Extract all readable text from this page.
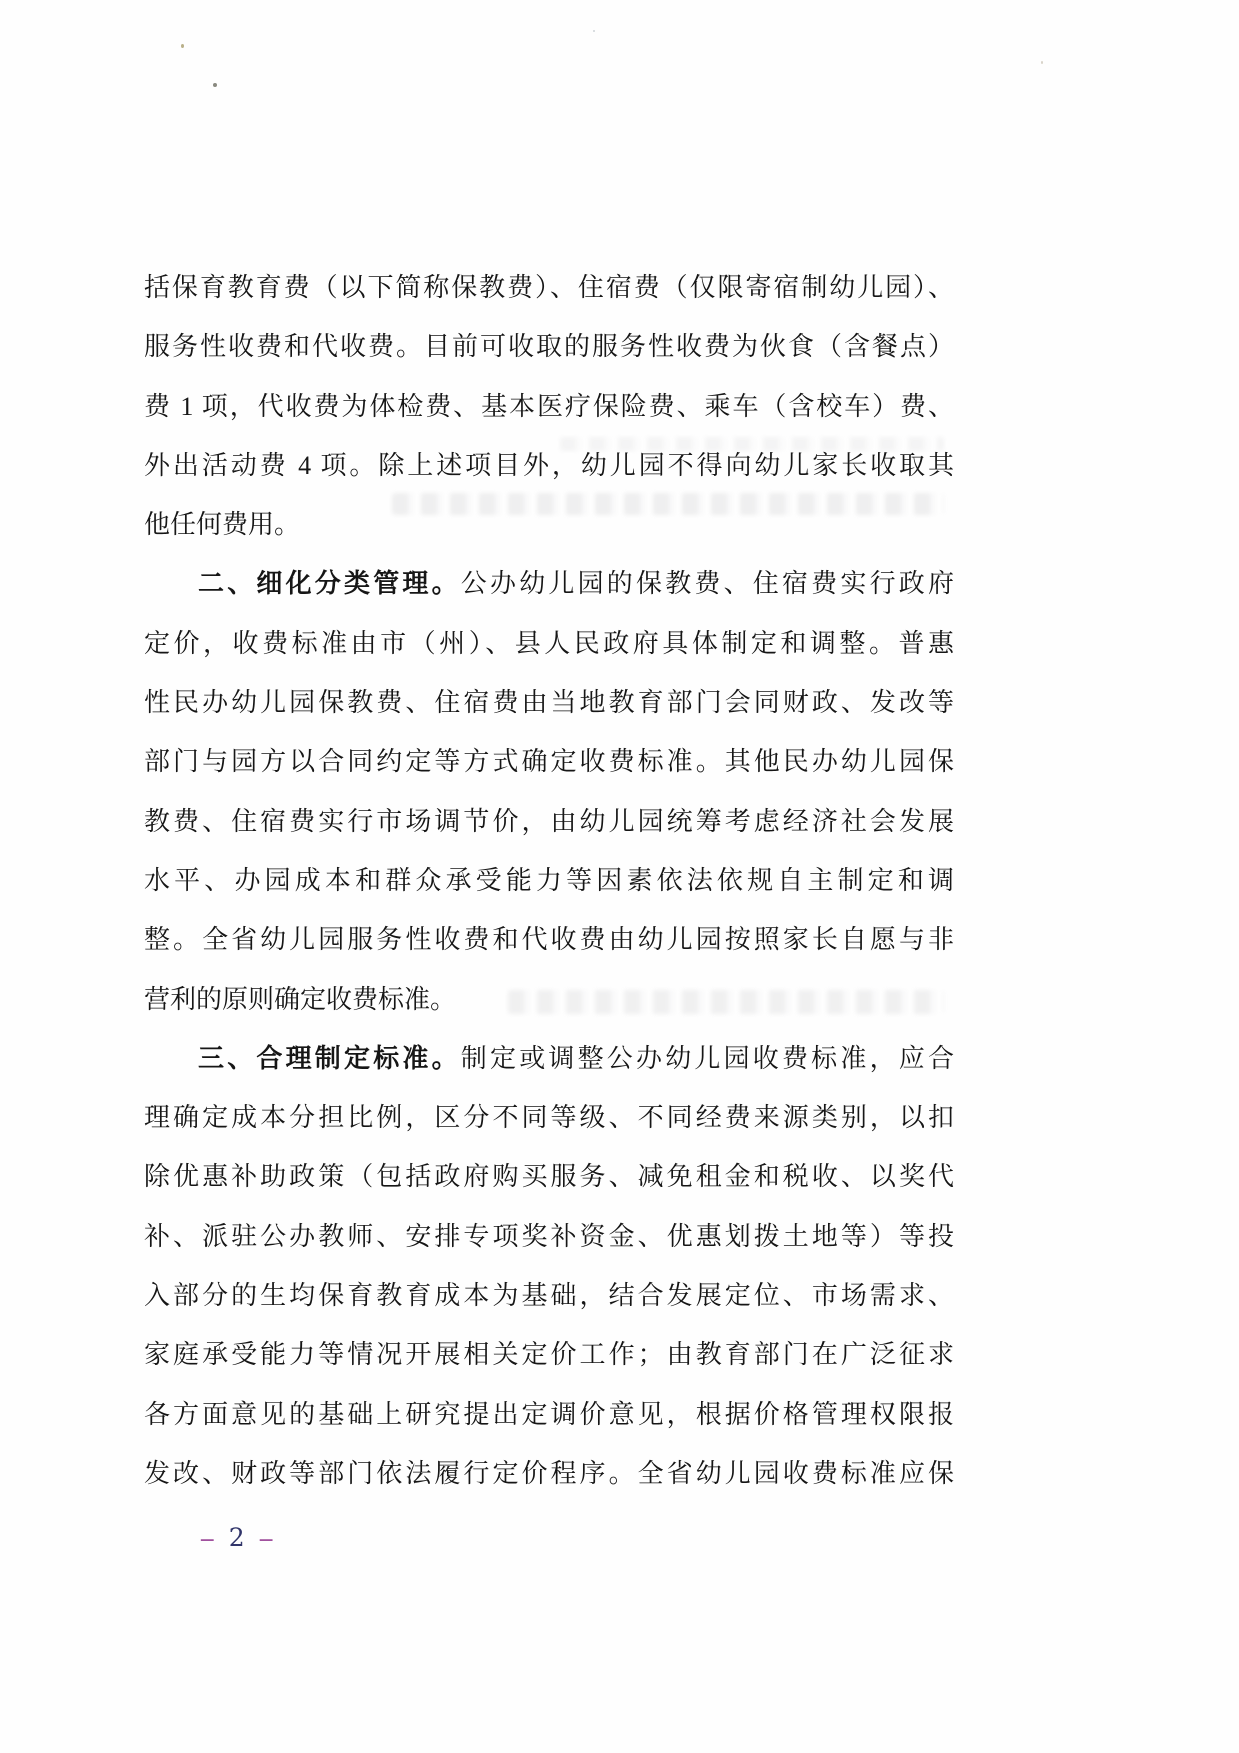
括保育教育费（以下简称保教费）、住宿费（仅限寄宿制幼儿园）、
服务性收费和代收费。目前可收取的服务性收费为伙食（含餐点）
费 1 项，代收费为体检费、基本医疗保险费、乘车（含校车）费、
外出活动费 4 项。除上述项目外，幼儿园不得向幼儿家长收取其
他任何费用。
二、细化分类管理。公办幼儿园的保教费、住宿费实行政府
定价，收费标准由市（州）、县人民政府具体制定和调整。普惠
性民办幼儿园保教费、住宿费由当地教育部门会同财政、发改等
部门与园方以合同约定等方式确定收费标准。其他民办幼儿园保
教费、住宿费实行市场调节价，由幼儿园统筹考虑经济社会发展
水平、办园成本和群众承受能力等因素依法依规自主制定和调
整。全省幼儿园服务性收费和代收费由幼儿园按照家长自愿与非
营利的原则确定收费标准。
三、合理制定标准。制定或调整公办幼儿园收费标准，应合
理确定成本分担比例，区分不同等级、不同经费来源类别，以扣
除优惠补助政策（包括政府购买服务、减免租金和税收、以奖代
补、派驻公办教师、安排专项奖补资金、优惠划拨土地等）等投
入部分的生均保育教育成本为基础，结合发展定位、市场需求、
家庭承受能力等情况开展相关定价工作；由教育部门在广泛征求
各方面意见的基础上研究提出定调价意见，根据价格管理权限报
发改、财政等部门依法履行定价程序。全省幼儿园收费标准应保
– 2 –
